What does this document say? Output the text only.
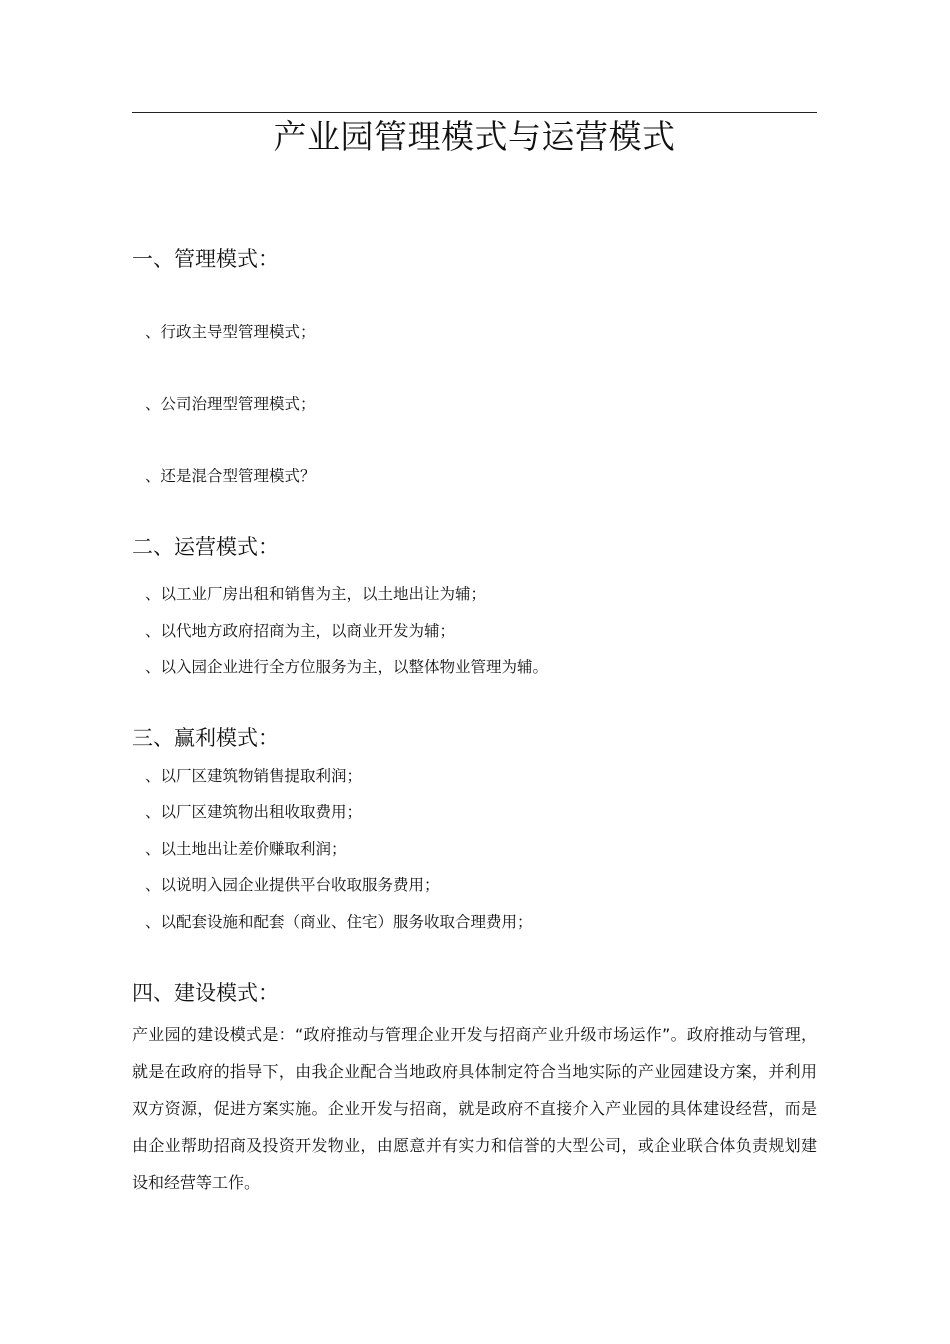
产业园管理模式与运营模式
一、管理模式：

、行政主导型管理模式；

、公司治理型管理模式；

、还是混合型管理模式？

二、运营模式：

、以工业厂房出租和销售为主，以土地出让为辅；

、以代地方政府招商为主，以商业开发为辅；

、以入园企业进行全方位服务为主，以整体物业管理为辅。

三、赢利模式：

、以厂区建筑物销售提取利润；

、以厂区建筑物出租收取费用；

、以土地出让差价赚取利润；

、以说明入园企业提供平台收取服务费用；

、以配套设施和配套（商业、住宅）服务收取合理费用；

四、建设模式：

产业园的建设模式是：“政府推动与管理企业开发与招商产业升级市场运作”。政府推动与管理，就是在政府的指导下，由我企业配合当地政府具体制定符合当地实际的产业园建设方案，并利用双方资源，促进方案实施。企业开发与招商，就是政府不直接介入产业园的具体建设经营，而是由企业帮助招商及投资开发物业，由愿意并有实力和信誉的大型公司，或企业联合体负责规划建设和经营等工作。
